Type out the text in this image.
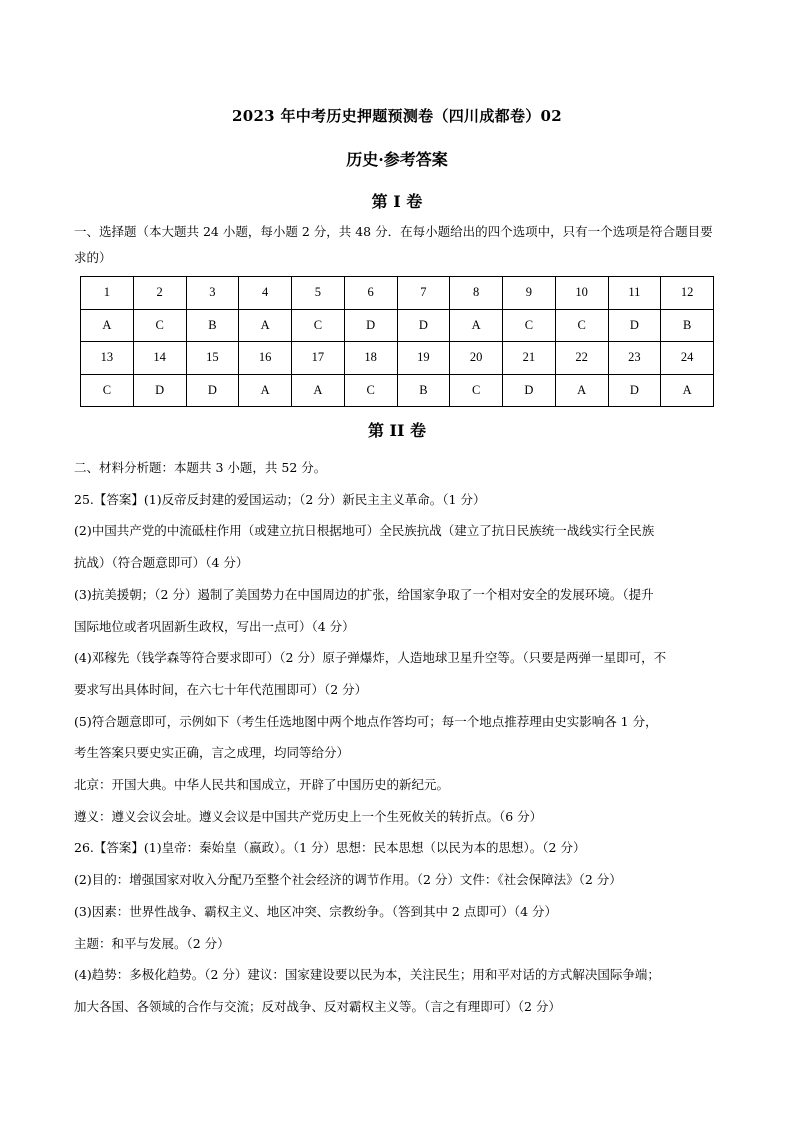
2023 年中考历史押题预测卷（四川成都卷）02
历史·参考答案
第 I 卷
一、选择题（本大题共 24 小题，每小题 2 分，共 48 分．在每小题给出的四个选项中，只有一个选项是符合题目要求的）
1	2	3	4	5	6	7	8	9	10	11	12
A	C	B	A	C	D	D	A	C	C	D	B
13	14	15	16	17	18	19	20	21	22	23	24
C	D	D	A	A	C	B	C	D	A	D	A
第 II 卷

二、材料分析题：本题共 3 小题，共 52 分。

25.【答案】(1)反帝反封建的爱国运动；（2 分）新民主主义革命。（1 分）

(2)中国共产党的中流砥柱作用（或建立抗日根据地可）全民族抗战（建立了抗日民族统一战线实行全民族

抗战）（符合题意即可）（4 分）

(3)抗美援朝；（2 分）遏制了美国势力在中国周边的扩张，给国家争取了一个相对安全的发展环境。（提升

国际地位或者巩固新生政权，写出一点可）（4 分）

(4)邓稼先（钱学森等符合要求即可）（2 分）原子弹爆炸，人造地球卫星升空等。（只要是两弹一星即可，不

要求写出具体时间，在六七十年代范围即可）（2 分）

(5)符合题意即可，示例如下（考生任选地图中两个地点作答均可；每一个地点推荐理由史实影响各 1 分，

考生答案只要史实正确，言之成理，均同等给分）

北京：开国大典。中华人民共和国成立，开辟了中国历史的新纪元。

遵义：遵义会议会址。遵义会议是中国共产党历史上一个生死攸关的转折点。（6 分）

26.【答案】(1)皇帝：秦始皇（嬴政）。（1 分）思想：民本思想（以民为本的思想）。（2 分）

(2)目的：增强国家对收入分配乃至整个社会经济的调节作用。（2 分）文件：《社会保障法》（2 分）

(3)因素：世界性战争、霸权主义、地区冲突、宗教纷争。（答到其中 2 点即可）（4 分）

主题：和平与发展。（2 分）

(4)趋势：多极化趋势。（2 分）建议：国家建设要以民为本，关注民生；用和平对话的方式解决国际争端；

加大各国、各领域的合作与交流；反对战争、反对霸权主义等。（言之有理即可）（2 分）
